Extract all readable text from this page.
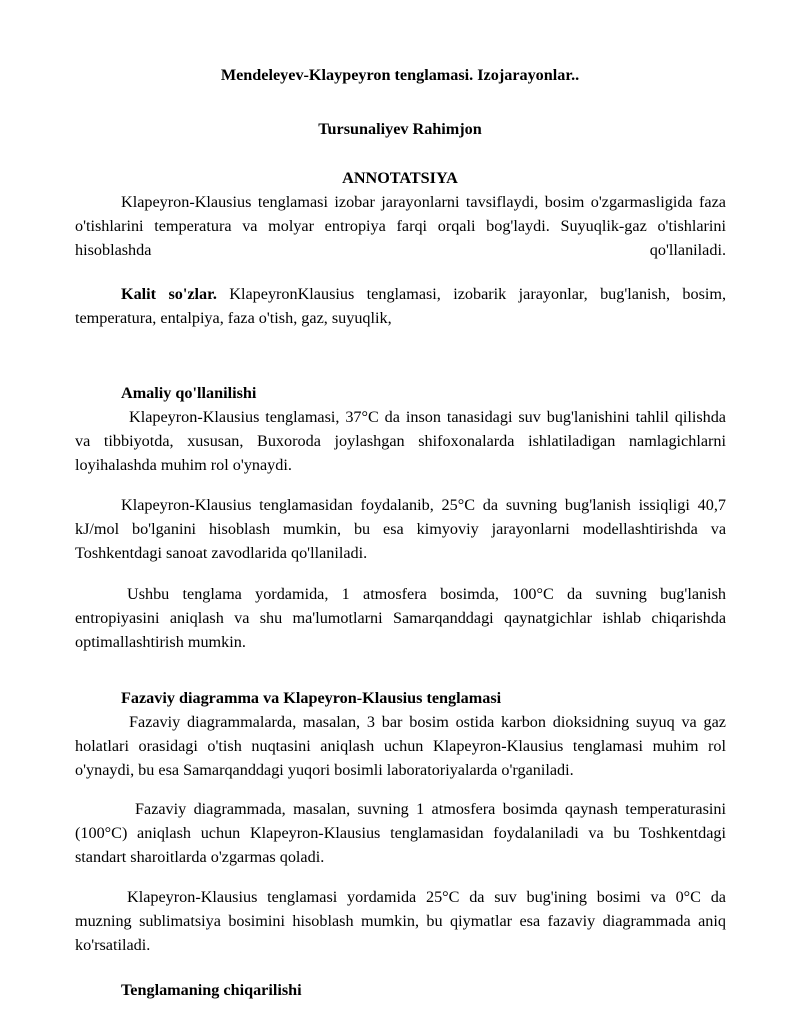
Mendeleyev-Klaypeyron tenglamasi. Izojarayonlar..
Tursunaliyev Rahimjon
ANNOTATSIYA

Klapeyron-Klausius tenglamasi izobar jarayonlarni tavsiflaydi, bosim o'zgarmasligida faza o'tishlarini temperatura va molyar entropiya farqi orqali bog'laydi. Suyuqlik-gaz o'tishlarini hisoblashda qo'llaniladi.

Kalit so'zlar. KlapeyronKlausius tenglamasi, izobarik jarayonlar, bug'lanish, bosim, temperatura, entalpiya, faza o'tish, gaz, suyuqlik,

Amaliy qo'llanilishi

Klapeyron-Klausius tenglamasi, 37°C da inson tanasidagi suv bug'lanishini tahlil qilishda va tibbiyotda, xususan, Buxoroda joylashgan shifoxonalarda ishlatiladigan namlagichlarni loyihalashda muhim rol o'ynaydi.

Klapeyron-Klausius tenglamasidan foydalanib, 25°C da suvning bug'lanish issiqligi 40,7 kJ/mol bo'lganini hisoblash mumkin, bu esa kimyoviy jarayonlarni modellashtirishda va Toshkentdagi sanoat zavodlarida qo'llaniladi.

Ushbu tenglama yordamida, 1 atmosfera bosimda, 100°C da suvning bug'lanish entropiyasini aniqlash va shu ma'lumotlarni Samarqanddagi qaynatgichlar ishlab chiqarishda optimallashtirish mumkin.

Fazaviy diagramma va Klapeyron-Klausius tenglamasi

Fazaviy diagrammalarda, masalan, 3 bar bosim ostida karbon dioksidning suyuq va gaz holatlari orasidagi o'tish nuqtasini aniqlash uchun Klapeyron-Klausius tenglamasi muhim rol o'ynaydi, bu esa Samarqanddagi yuqori bosimli laboratoriyalarda o'rganiladi.

Fazaviy diagrammada, masalan, suvning 1 atmosfera bosimda qaynash temperaturasini (100°C) aniqlash uchun Klapeyron-Klausius tenglamasidan foydalaniladi va bu Toshkentdagi standart sharoitlarda o'zgarmas qoladi.

Klapeyron-Klausius tenglamasi yordamida 25°C da suv bug'ining bosimi va 0°C da muzning sublimatsiya bosimini hisoblash mumkin, bu qiymatlar esa fazaviy diagrammada aniq ko'rsatiladi.

Tenglamaning chiqarilishi
